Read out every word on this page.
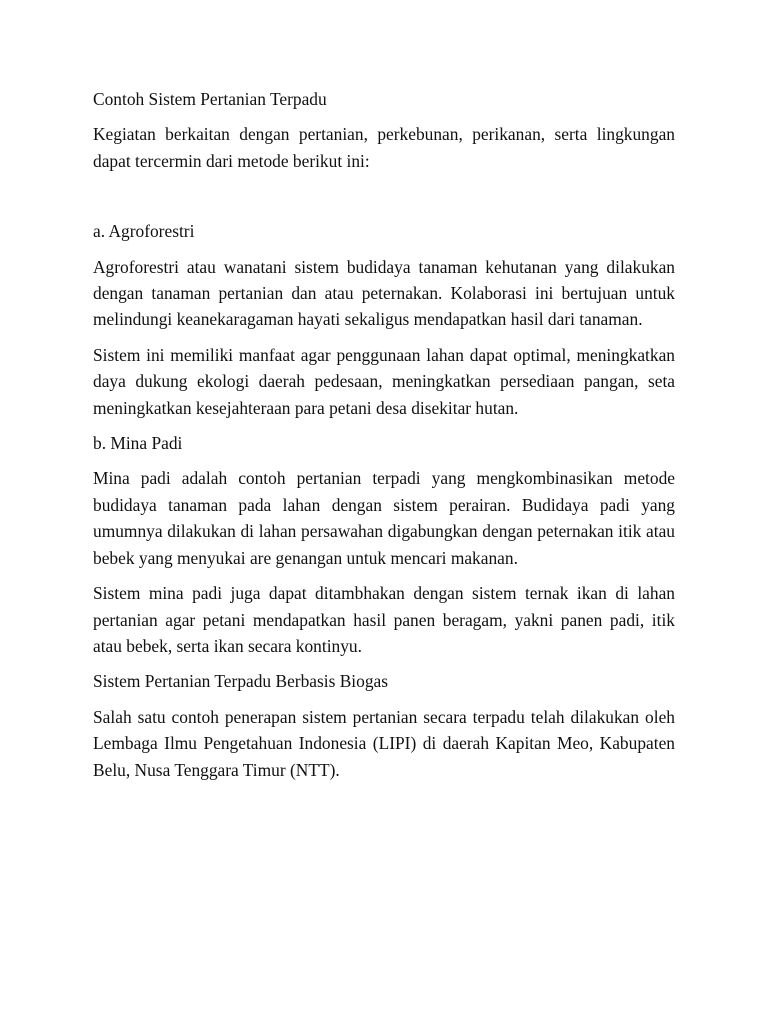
Contoh Sistem Pertanian Terpadu

Kegiatan berkaitan dengan pertanian, perkebunan, perikanan, serta lingkungan dapat tercermin dari metode berikut ini:

a. Agroforestri

Agroforestri atau wanatani sistem budidaya tanaman kehutanan yang dilakukan dengan tanaman pertanian dan atau peternakan. Kolaborasi ini bertujuan untuk melindungi keanekaragaman hayati sekaligus mendapatkan hasil dari tanaman.

Sistem ini memiliki manfaat agar penggunaan lahan dapat optimal, meningkatkan daya dukung ekologi daerah pedesaan, meningkatkan persediaan pangan, seta meningkatkan kesejahteraan para petani desa disekitar hutan.

b. Mina Padi

Mina padi adalah contoh pertanian terpadi yang mengkombinasikan metode budidaya tanaman pada lahan dengan sistem perairan. Budidaya padi yang umumnya dilakukan di lahan persawahan digabungkan dengan peternakan itik atau bebek yang menyukai are genangan untuk mencari makanan.

Sistem mina padi juga dapat ditambhakan dengan sistem ternak ikan di lahan pertanian agar petani mendapatkan hasil panen beragam, yakni panen padi, itik atau bebek, serta ikan secara kontinyu.

Sistem Pertanian Terpadu Berbasis Biogas

Salah satu contoh penerapan sistem pertanian secara terpadu telah dilakukan oleh Lembaga Ilmu Pengetahuan Indonesia (LIPI) di daerah Kapitan Meo, Kabupaten Belu, Nusa Tenggara Timur (NTT).
